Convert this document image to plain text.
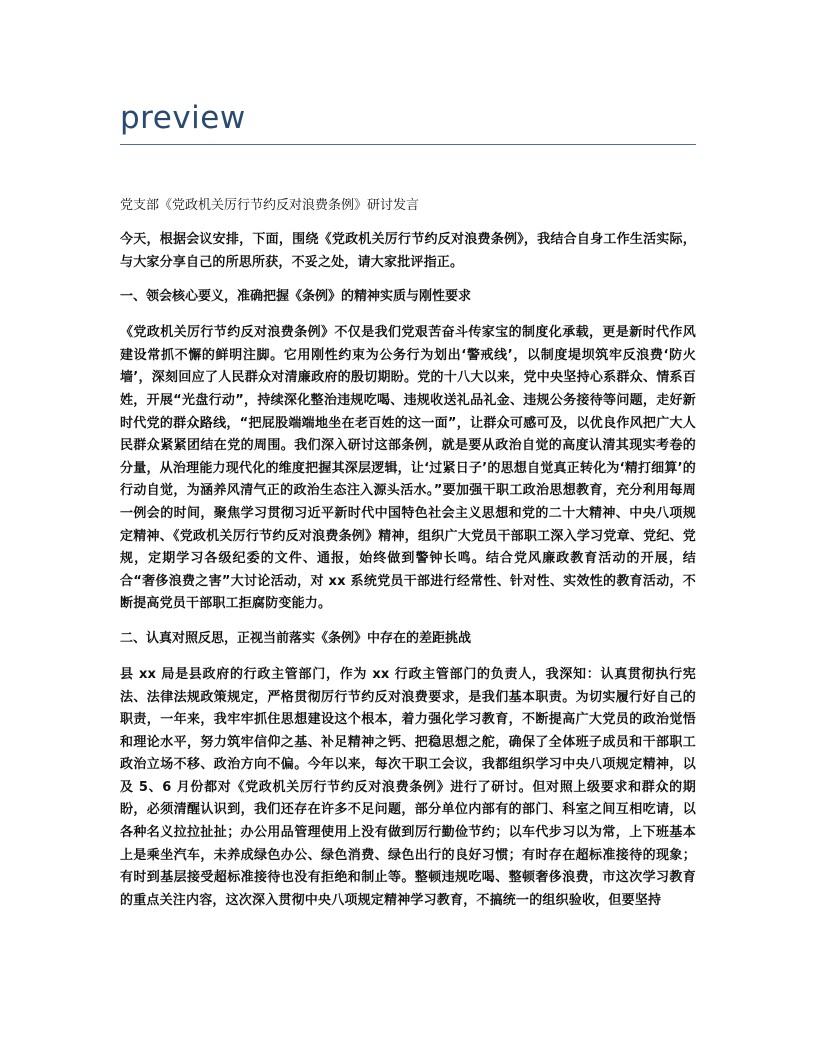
preview

党支部《党政机关厉行节约反对浪费条例》研讨发言

今天，根据会议安排，下面，围绕《党政机关厉行节约反对浪费条例》，我结合自身工作生活实际，与大家分享自己的所思所获，不妥之处，请大家批评指正。

一、领会核心要义，准确把握《条例》的精神实质与刚性要求

《党政机关厉行节约反对浪费条例》不仅是我们党艰苦奋斗传家宝的制度化承载，更是新时代作风建设常抓不懈的鲜明注脚。它用刚性约束为公务行为划出‘警戒线’，以制度堤坝筑牢反浪费‘防火墙’，深刻回应了人民群众对清廉政府的殷切期盼。党的十八大以来，党中央坚持心系群众、情系百姓，开展“光盘行动”，持续深化整治违规吃喝、违规收送礼品礼金、违规公务接待等问题，走好新时代党的群众路线，“把屁股端端地坐在老百姓的这一面”，让群众可感可及，以优良作风把广大人民群众紧紧团结在党的周围。我们深入研讨这部条例，就是要从政治自觉的高度认清其现实考卷的分量，从治理能力现代化的维度把握其深层逻辑，让‘过紧日子’的思想自觉真正转化为‘精打细算’的行动自觉，为涵养风清气正的政治生态注入源头活水。”要加强干职工政治思想教育，充分利用每周一例会的时间，聚焦学习贯彻习近平新时代中国特色社会主义思想和党的二十大精神、中央八项规定精神、《党政机关厉行节约反对浪费条例》精神，组织广大党员干部职工深入学习党章、党纪、党规，定期学习各级纪委的文件、通报，始终做到警钟长鸣。结合党风廉政教育活动的开展，结合“奢侈浪费之害”大讨论活动，对 xx 系统党员干部进行经常性、针对性、实效性的教育活动，不断提高党员干部职工拒腐防变能力。

二、认真对照反思，正视当前落实《条例》中存在的差距挑战

县 xx 局是县政府的行政主管部门，作为 xx 行政主管部门的负责人，我深知：认真贯彻执行宪法、法律法规政策规定，严格贯彻厉行节约反对浪费要求，是我们基本职责。为切实履行好自己的职责，一年来，我牢牢抓住思想建设这个根本，着力强化学习教育，不断提高广大党员的政治觉悟和理论水平，努力筑牢信仰之基、补足精神之钙、把稳思想之舵，确保了全体班子成员和干部职工政治立场不移、政治方向不偏。今年以来，每次干职工会议，我都组织学习中央八项规定精神，以及 5、6 月份都对《党政机关厉行节约反对浪费条例》进行了研讨。但对照上级要求和群众的期盼，必须清醒认识到，我们还存在许多不足问题，部分单位内部有的部门、科室之间互相吃请，以各种名义拉拉扯扯；办公用品管理使用上没有做到厉行勤俭节约；以车代步习以为常，上下班基本上是乘坐汽车，未养成绿色办公、绿色消费、绿色出行的良好习惯；有时存在超标准接待的现象；有时到基层接受超标准接待也没有拒绝和制止等。整顿违规吃喝、整顿奢侈浪费，市这次学习教育的重点关注内容，这次深入贯彻中央八项规定精神学习教育，不搞统一的组织验收，但要坚持
